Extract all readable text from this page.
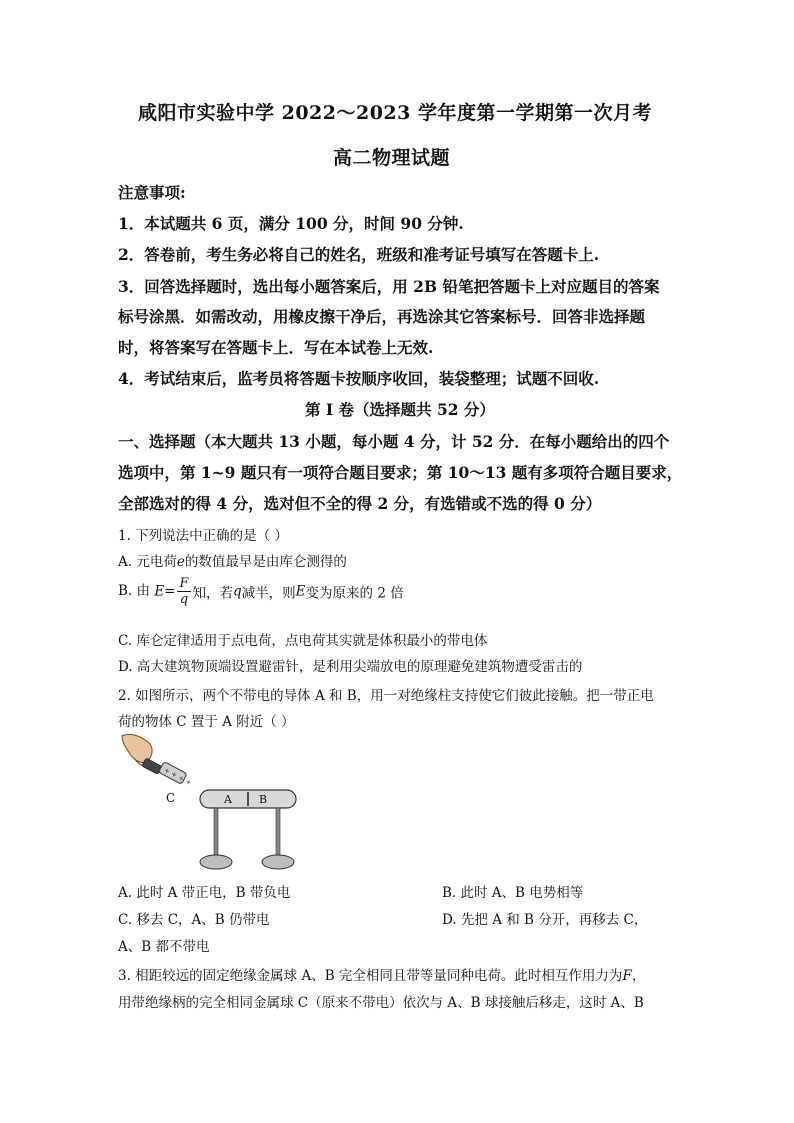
咸阳市实验中学 2022～2023 学年度第一学期第一次月考
高二物理试题
注意事项:
1．本试题共 6 页，满分 100 分，时间 90 分钟.
2．答卷前，考生务必将自己的姓名，班级和准考证号填写在答题卡上.
3．回答选择题时，选出每小题答案后，用 2B 铅笔把答题卡上对应题目的答案
标号涂黑．如需改动，用橡皮擦干净后，再选涂其它答案标号．回答非选择题
时，将答案写在答题卡上．写在本试卷上无效.
4．考试结束后，监考员将答题卡按顺序收回，装袋整理；试题不回收.
第 I 卷（选择题共 52 分）
一、选择题（本大题共 13 小题，每小题 4 分，计 52 分．在每小题给出的四个
选项中，第 1~9 题只有一项符合题目要求；第 10～13 题有多项符合题目要求，
全部选对的得 4 分，选对但不全的得 2 分，有选错或不选的得 0 分）
1. 下列说法中正确的是（ ）
A. 元电荷e的数值最早是由库仑测得的
B. 由 $E= \frac{F}{q}$ 知，若q减半，则E变为原来的 2 倍
C. 库仑定律适用于点电荷，点电荷其实就是体积最小的带电体
D. 高大建筑物顶端设置避雷针，是利用尖端放电的原理避免建筑物遭受雷击的
2. 如图所示，两个不带电的导体 A 和 B，用一对绝缘柱支持使它们彼此接触。把一带正电
荷的物体 C 置于 A 附近（ ）
+ + + +
C	A B
A. 此时 A 带正电，B 带负电	B. 此时 A、B 电势相等
C. 移去 C，A、B 仍带电	D. 先把 A 和 B 分开，再移去 C，
A、B 都不带电
3. 相距较远的固定绝缘金属球 A、B 完全相同且带等量同种电荷。此时相互作用力为F，
用带绝缘柄的完全相同金属球 C（原来不带电）依次与 A、B 球接触后移走，这时 A、B
